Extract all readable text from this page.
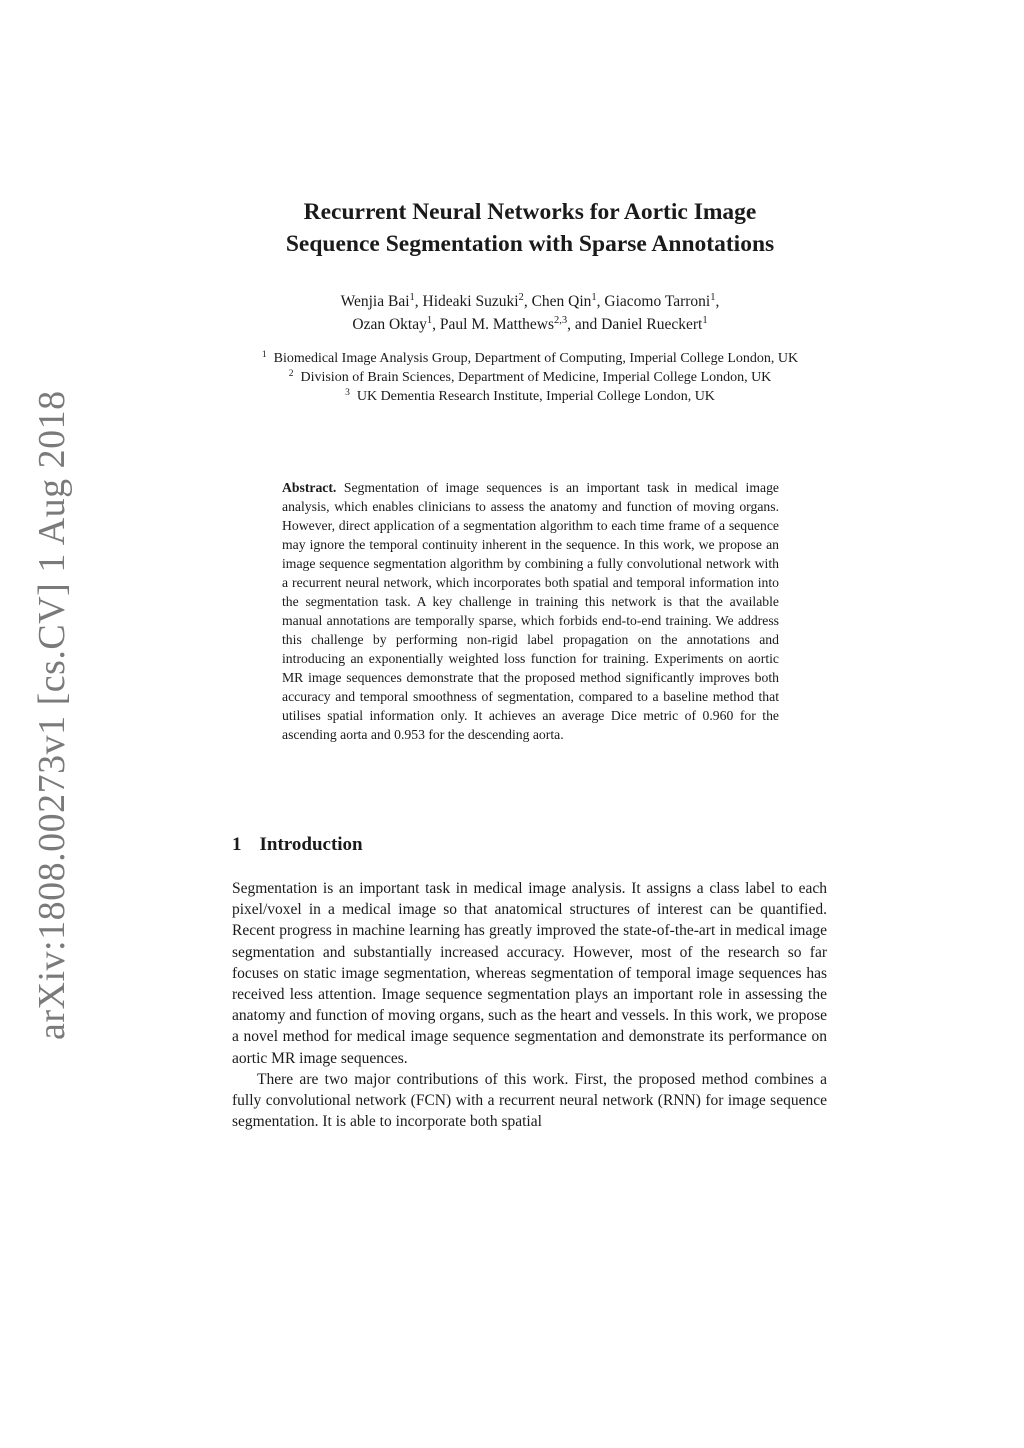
arXiv:1808.00273v1 [cs.CV] 1 Aug 2018
Recurrent Neural Networks for Aortic Image
Sequence Segmentation with Sparse Annotations
Wenjia Bai$^1$, Hideaki Suzuki$^2$, Chen Qin$^1$, Giacomo Tarroni$^1$,
Ozan Oktay$^1$, Paul M. Matthews$^{2,3}$, and Daniel Rueckert$^1$
$^1$ Biomedical Image Analysis Group, Department of Computing, Imperial College London, UK
$^2$ Division of Brain Sciences, Department of Medicine, Imperial College London, UK
$^3$ UK Dementia Research Institute, Imperial College London, UK
Abstract. Segmentation of image sequences is an important task in medical image analysis, which enables clinicians to assess the anatomy and function of moving organs. However, direct application of a segmentation algorithm to each time frame of a sequence may ignore the temporal continuity inherent in the sequence. In this work, we propose an image sequence segmentation algorithm by combining a fully convolutional network with a recurrent neural network, which incorporates both spatial and temporal information into the segmentation task. A key challenge in training this network is that the available manual annotations are temporally sparse, which forbids end-to-end training. We address this challenge by performing non-rigid label propagation on the annotations and introducing an exponentially weighted loss function for training. Experiments on aortic MR image sequences demonstrate that the proposed method significantly improves both accuracy and temporal smoothness of segmentation, compared to a baseline method that utilises spatial information only. It achieves an average Dice metric of 0.960 for the ascending aorta and 0.953 for the descending aorta.
1 Introduction

Segmentation is an important task in medical image analysis. It assigns a class label to each pixel/voxel in a medical image so that anatomical structures of interest can be quantified. Recent progress in machine learning has greatly improved the state-of-the-art in medical image segmentation and substantially increased accuracy. However, most of the research so far focuses on static image segmentation, whereas segmentation of temporal image sequences has received less attention. Image sequence segmentation plays an important role in assessing the anatomy and function of moving organs, such as the heart and vessels. In this work, we propose a novel method for medical image sequence segmentation and demonstrate its performance on aortic MR image sequences.

There are two major contributions of this work. First, the proposed method combines a fully convolutional network (FCN) with a recurrent neural network (RNN) for image sequence segmentation. It is able to incorporate both spatial
